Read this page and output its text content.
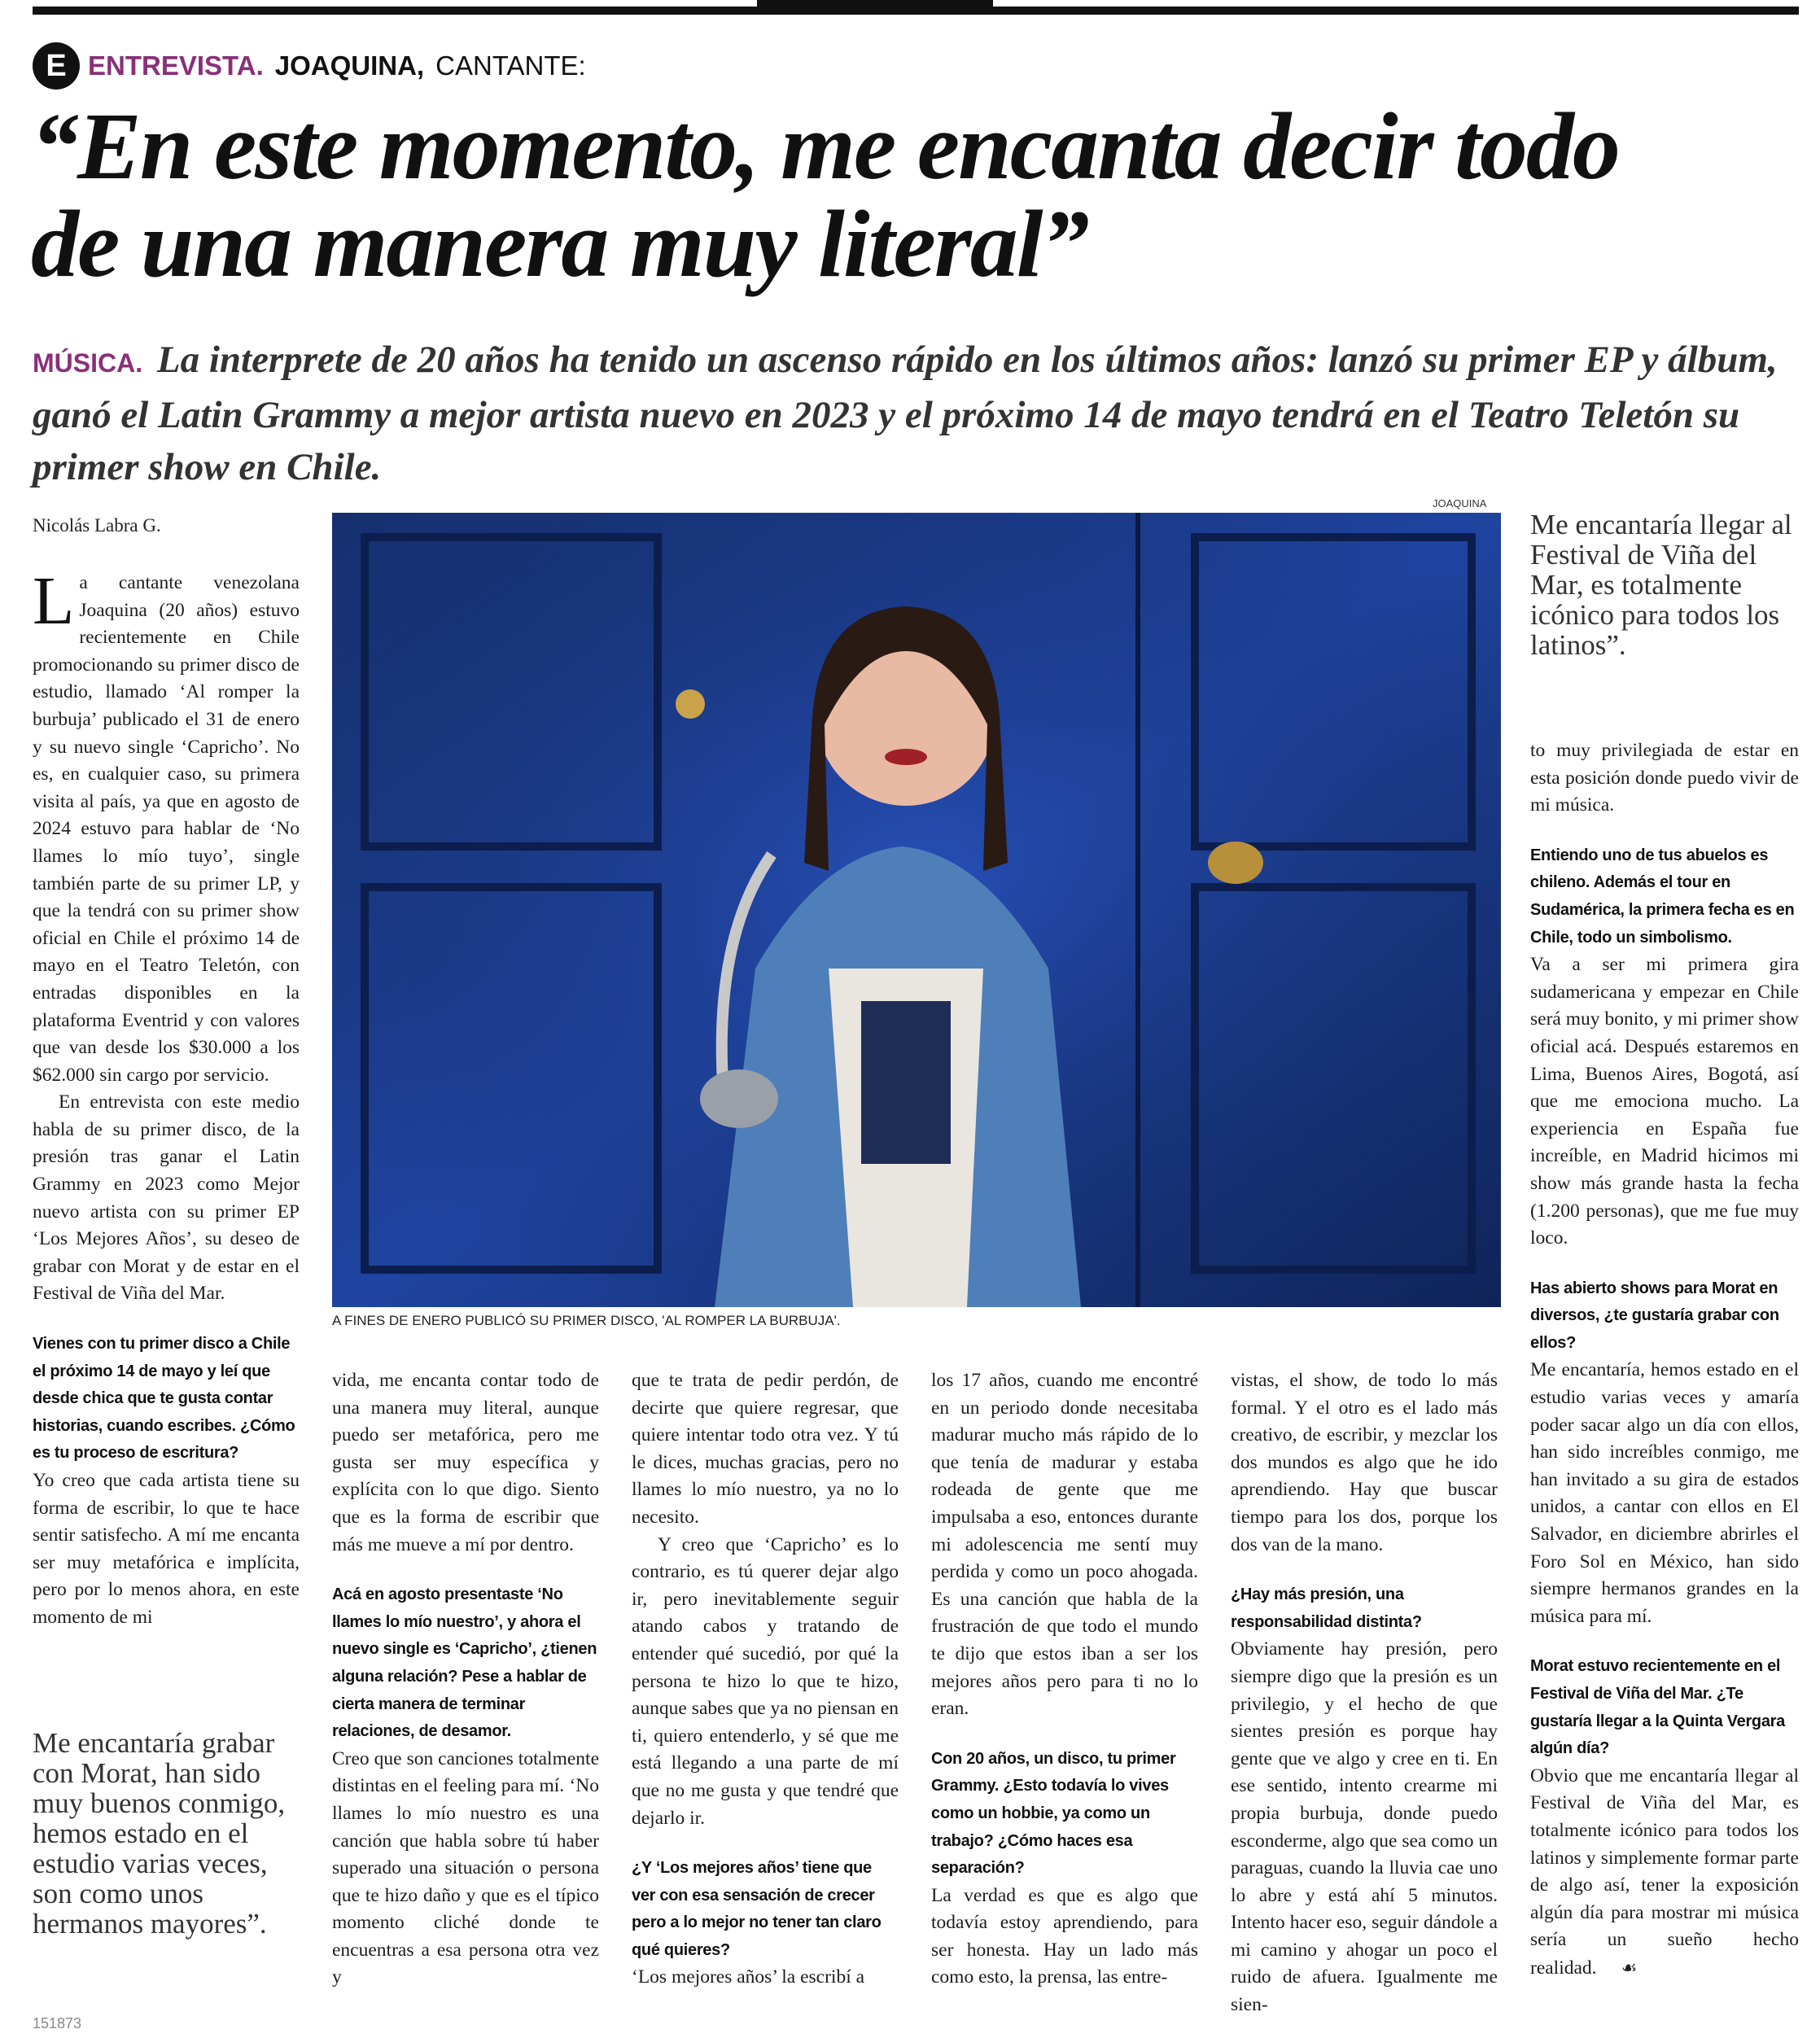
E ENTREVISTA. JOAQUINA, CANTANTE:
“En este momento, me encanta decir todo
de una manera muy literal”
MÚSICA. La interprete de 20 años ha tenido un ascenso rápido en los últimos años: lanzó su primer EP y álbum, ganó el Latin Grammy a mejor artista nuevo en 2023 y el próximo 14 de mayo tendrá en el Teatro Teletón su primer show en Chile.
Nicolás Labra G.

La cantante venezolana Joaquina (20 años) estuvo recientemente en Chile promocionando su primer disco de estudio, llamado ‘Al romper la burbuja’ publicado el 31 de enero y su nuevo single ‘Capricho’. No es, en cualquier caso, su primera visita al país, ya que en agosto de 2024 estuvo para hablar de ‘No llames lo mío tuyo’, single también parte de su primer LP, y que la tendrá con su primer show oficial en Chile el próximo 14 de mayo en el Teatro Teletón, con entradas disponibles en la plataforma Eventrid y con valores que van desde los $30.000 a los $62.000 sin cargo por servicio.

En entrevista con este medio habla de su primer disco, de la presión tras ganar el Latin Grammy en 2023 como Mejor nuevo artista con su primer EP ‘Los Mejores Años’, su deseo de grabar con Morat y de estar en el Festival de Viña del Mar.

Vienes con tu primer disco a Chile el próximo 14 de mayo y leí que desde chica que te gusta contar historias, cuando escribes. ¿Cómo es tu proceso de escritura?

Yo creo que cada artista tiene su forma de escribir, lo que te hace sentir satisfecho. A mí me encanta ser muy metafórica e implícita, pero por lo menos ahora, en este momento de mi

Me encantaría grabar con Morat, han sido muy buenos conmigo, hemos estado en el estudio varias veces, son como unos hermanos mayores”.
JOAQUINA
A FINES DE ENERO PUBLICÓ SU PRIMER DISCO, 'AL ROMPER LA BURBUJA'.

vida, me encanta contar todo de una manera muy literal, aunque puedo ser metafórica, pero me gusta ser muy específica y explícita con lo que digo. Siento que es la forma de escribir que más me mueve a mí por dentro.

Acá en agosto presentaste ‘No llames lo mío nuestro’, y ahora el nuevo single es ‘Capricho’, ¿tienen alguna relación? Pese a hablar de cierta manera de terminar relaciones, de desamor.

Creo que son canciones totalmente distintas en el feeling para mí. ‘No llames lo mío nuestro es una canción que habla sobre tú haber superado una situación o persona que te hizo daño y que es el típico momento cliché donde te encuentras a esa persona otra vez y

que te trata de pedir perdón, de decirte que quiere regresar, que quiere intentar todo otra vez. Y tú le dices, muchas gracias, pero no llames lo mío nuestro, ya no lo necesito.

Y creo que ‘Capricho’ es lo contrario, es tú querer dejar algo ir, pero inevitablemente seguir atando cabos y tratando de entender qué sucedió, por qué la persona te hizo lo que te hizo, aunque sabes que ya no piensan en ti, quiero entenderlo, y sé que me está llegando a una parte de mí que no me gusta y que tendré que dejarlo ir.

¿Y ‘Los mejores años’ tiene que ver con esa sensación de crecer pero a lo mejor no tener tan claro qué quieres?

‘Los mejores años’ la escribí a

los 17 años, cuando me encontré en un periodo donde necesitaba madurar mucho más rápido de lo que tenía de madurar y estaba rodeada de gente que me impulsaba a eso, entonces durante mi adolescencia me sentí muy perdida y como un poco ahogada. Es una canción que habla de la frustración de que todo el mundo te dijo que estos iban a ser los mejores años pero para ti no lo eran.

Con 20 años, un disco, tu primer Grammy. ¿Esto todavía lo vives como un hobbie, ya como un trabajo? ¿Cómo haces esa separación?

La verdad es que es algo que todavía estoy aprendiendo, para ser honesta. Hay un lado más como esto, la prensa, las entre-

vistas, el show, de todo lo más formal. Y el otro es el lado más creativo, de escribir, y mezclar los dos mundos es algo que he ido aprendiendo. Hay que buscar tiempo para los dos, porque los dos van de la mano.

¿Hay más presión, una responsabilidad distinta?

Obviamente hay presión, pero siempre digo que la presión es un privilegio, y el hecho de que sientes presión es porque hay gente que ve algo y cree en ti. En ese sentido, intento crearme mi propia burbuja, donde puedo esconderme, algo que sea como un paraguas, cuando la lluvia cae uno lo abre y está ahí 5 minutos. Intento hacer eso, seguir dándole a mi camino y ahogar un poco el ruido de afuera. Igualmente me sien-

Me encantaría llegar al Festival de Viña del Mar, es totalmente icónico para todos los latinos”.

to muy privilegiada de estar en esta posición donde puedo vivir de mi música.

Entiendo uno de tus abuelos es chileno. Además el tour en Sudamérica, la primera fecha es en Chile, todo un simbolismo.

Va a ser mi primera gira sudamericana y empezar en Chile será muy bonito, y mi primer show oficial acá. Después estaremos en Lima, Buenos Aires, Bogotá, así que me emociona mucho. La experiencia en España fue increíble, en Madrid hicimos mi show más grande hasta la fecha (1.200 personas), que me fue muy loco.

Has abierto shows para Morat en diversos, ¿te gustaría grabar con ellos?

Me encantaría, hemos estado en el estudio varias veces y amaría poder sacar algo un día con ellos, han sido increíbles conmigo, me han invitado a su gira de estados unidos, a cantar con ellos en El Salvador, en diciembre abrirles el Foro Sol en México, han sido siempre hermanos grandes en la música para mí.

Morat estuvo recientemente en el Festival de Viña del Mar. ¿Te gustaría llegar a la Quinta Vergara algún día?

Obvio que me encantaría llegar al Festival de Viña del Mar, es totalmente icónico para todos los latinos y simplemente formar parte de algo así, tener la exposición algún día para mostrar mi música sería un sueño hecho realidad. ☙

151873
